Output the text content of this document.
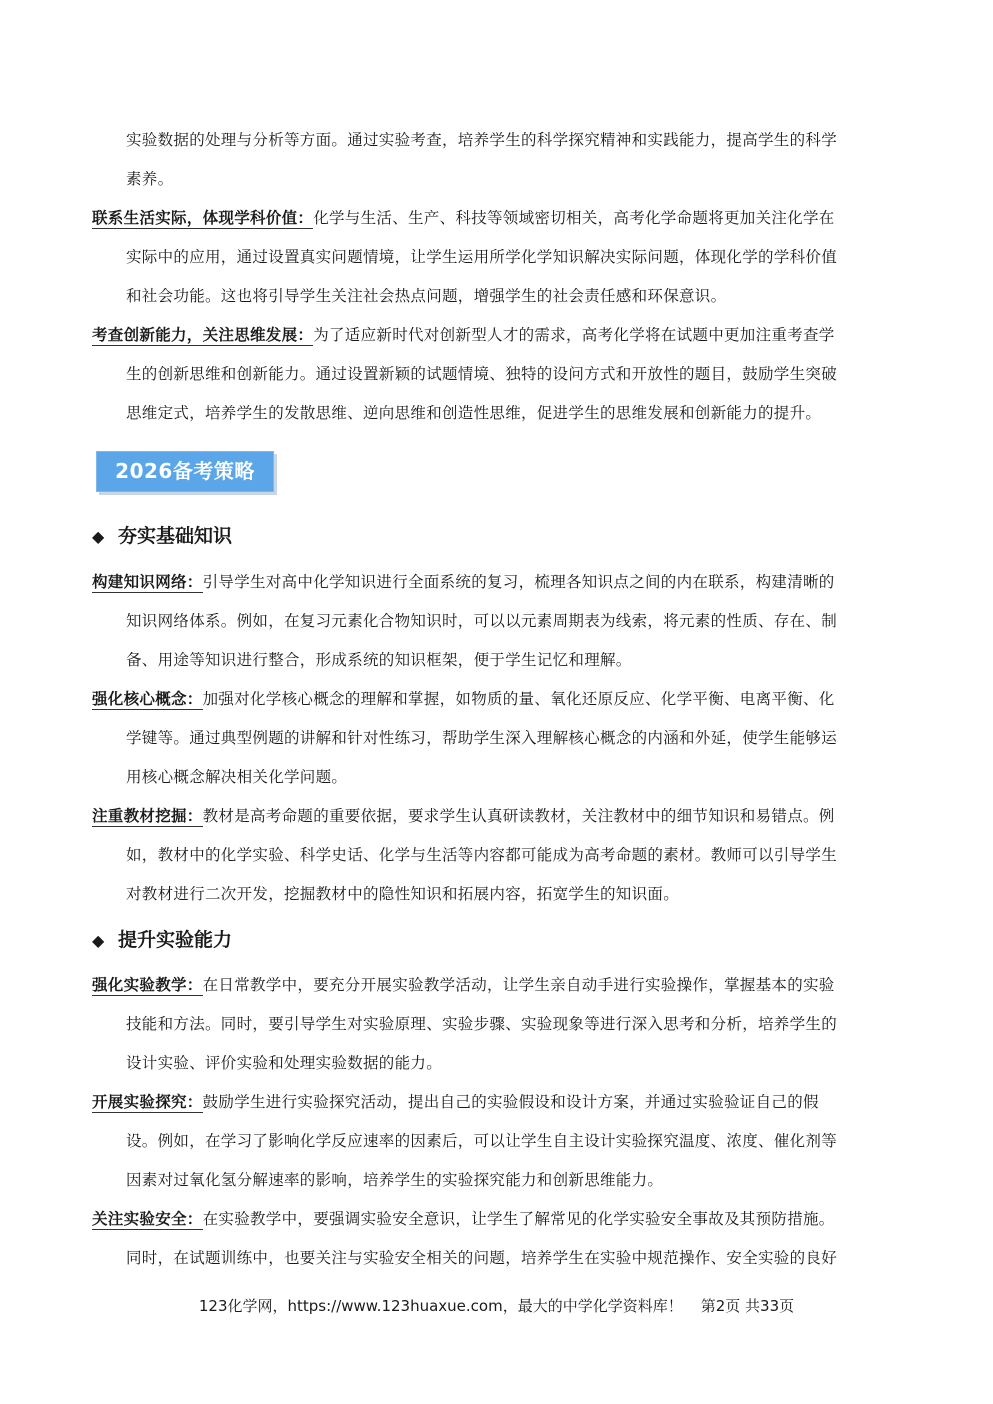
实验数据的处理与分析等方面。通过实验考查，培养学生的科学探究精神和实践能力，提高学生的科学
素养。
联系生活实际，体现学科价值：化学与生活、生产、科技等领域密切相关，高考化学命题将更加关注化学在
实际中的应用，通过设置真实问题情境，让学生运用所学化学知识解决实际问题，体现化学的学科价值
和社会功能。这也将引导学生关注社会热点问题，增强学生的社会责任感和环保意识。
考查创新能力，关注思维发展：为了适应新时代对创新型人才的需求，高考化学将在试题中更加注重考查学
生的创新思维和创新能力。通过设置新颖的试题情境、独特的设问方式和开放性的题目，鼓励学生突破
思维定式，培养学生的发散思维、逆向思维和创造性思维，促进学生的思维发展和创新能力的提升。
2026备考策略
◆ 夯实基础知识
构建知识网络：引导学生对高中化学知识进行全面系统的复习，梳理各知识点之间的内在联系，构建清晰的
知识网络体系。例如，在复习元素化合物知识时，可以以元素周期表为线索，将元素的性质、存在、制
备、用途等知识进行整合，形成系统的知识框架，便于学生记忆和理解。
强化核心概念：加强对化学核心概念的理解和掌握，如物质的量、氧化还原反应、化学平衡、电离平衡、化
学键等。通过典型例题的讲解和针对性练习，帮助学生深入理解核心概念的内涵和外延，使学生能够运
用核心概念解决相关化学问题。
注重教材挖掘：教材是高考命题的重要依据，要求学生认真研读教材，关注教材中的细节知识和易错点。例
如，教材中的化学实验、科学史话、化学与生活等内容都可能成为高考命题的素材。教师可以引导学生
对教材进行二次开发，挖掘教材中的隐性知识和拓展内容，拓宽学生的知识面。
◆ 提升实验能力
强化实验教学：在日常教学中，要充分开展实验教学活动，让学生亲自动手进行实验操作，掌握基本的实验
技能和方法。同时，要引导学生对实验原理、实验步骤、实验现象等进行深入思考和分析，培养学生的
设计实验、评价实验和处理实验数据的能力。
开展实验探究：鼓励学生进行实验探究活动，提出自己的实验假设和设计方案，并通过实验验证自己的假
设。例如，在学习了影响化学反应速率的因素后，可以让学生自主设计实验探究温度、浓度、催化剂等
因素对过氧化氢分解速率的影响，培养学生的实验探究能力和创新思维能力。
关注实验安全：在实验教学中，要强调实验安全意识，让学生了解常见的化学实验安全事故及其预防措施。
同时，在试题训练中，也要关注与实验安全相关的问题，培养学生在实验中规范操作、安全实验的良好
123化学网，https://www.123huaxue.com，最大的中学化学资料库！ 第2页 共33页
